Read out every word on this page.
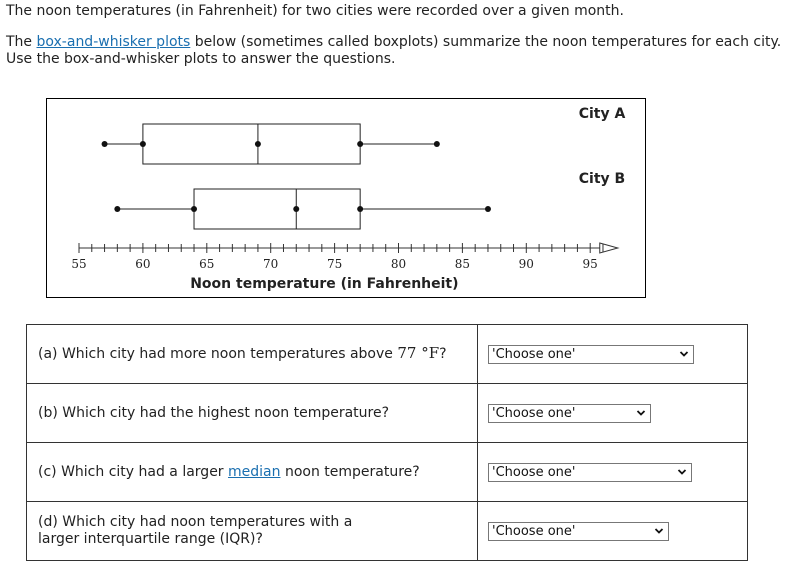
The noon temperatures (in Fahrenheit) for two cities were recorded over a given month.

The box-and-whisker plots below (sometimes called boxplots) summarize the noon temperatures for each city. Use the box-and-whisker plots to answer the questions.

55	60	65	70	75	80	85	90	95
Noon temperature (in Fahrenheit)
City A
City B
(a) Which city had more noon temperatures above 77 °F?	'Choose one'

(b) Which city had the highest noon temperature?	'Choose one'

(c) Which city had a larger median noon temperature?	'Choose one'

(d) Which city had noon temperatures with a larger interquartile range (IQR)?	'Choose one'
